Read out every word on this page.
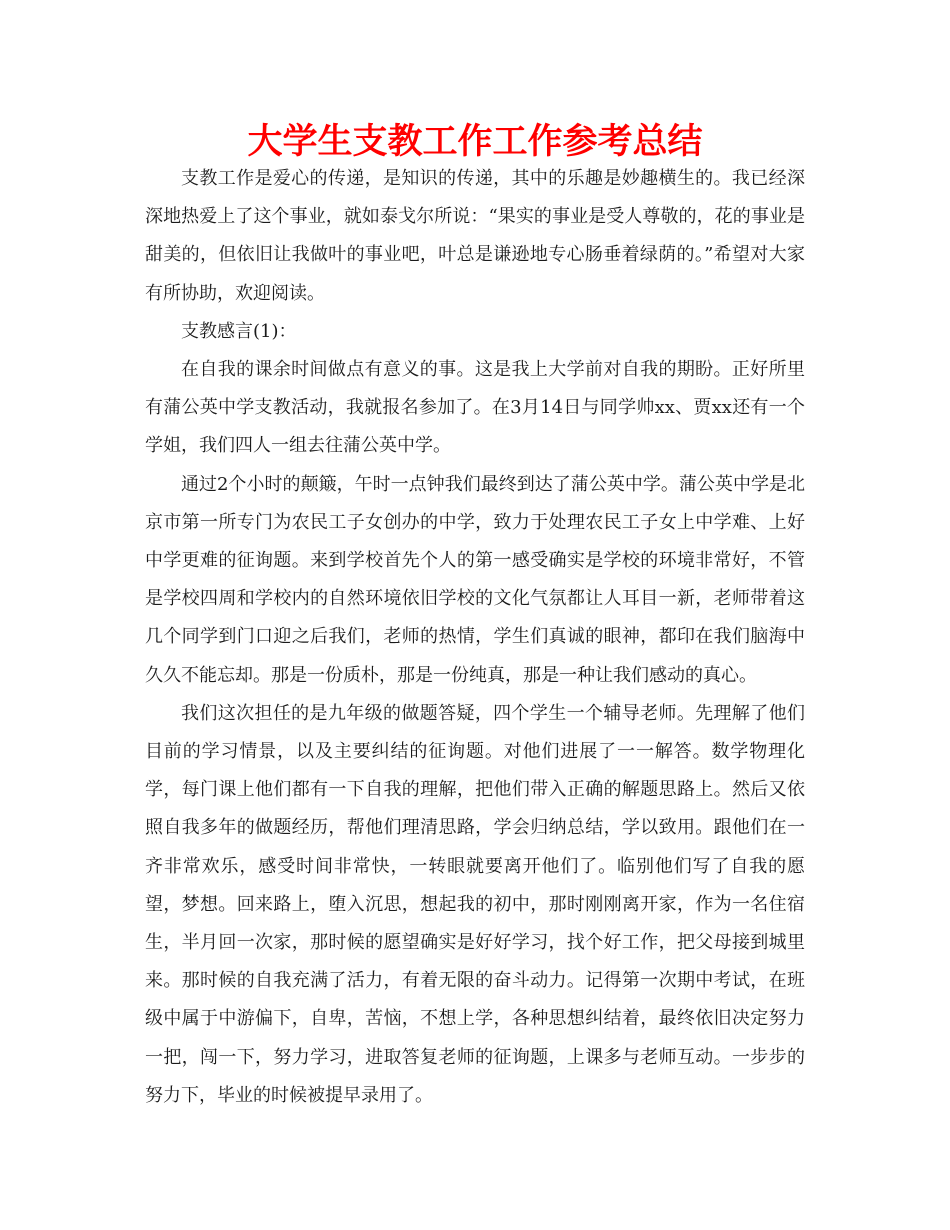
大学生支教工作工作参考总结

支教工作是爱心的传递，是知识的传递，其中的乐趣是妙趣横生的。我已经深深地热爱上了这个事业，就如泰戈尔所说：“果实的事业是受人尊敬的，花的事业是甜美的，但依旧让我做叶的事业吧，叶总是谦逊地专心肠垂着绿荫的。”希望对大家有所协助，欢迎阅读。

支教感言(1)：

在自我的课余时间做点有意义的事。这是我上大学前对自我的期盼。正好所里有蒲公英中学支教活动，我就报名参加了。在3月14日与同学帅xx、贾xx还有一个学姐，我们四人一组去往蒲公英中学。

通过2个小时的颠簸，午时一点钟我们最终到达了蒲公英中学。蒲公英中学是北京市第一所专门为农民工子女创办的中学，致力于处理农民工子女上中学难、上好中学更难的征询题。来到学校首先个人的第一感受确实是学校的环境非常好，不管是学校四周和学校内的自然环境依旧学校的文化气氛都让人耳目一新，老师带着这几个同学到门口迎之后我们，老师的热情，学生们真诚的眼神，都印在我们脑海中久久不能忘却。那是一份质朴，那是一份纯真，那是一种让我们感动的真心。

我们这次担任的是九年级的做题答疑，四个学生一个辅导老师。先理解了他们目前的学习情景，以及主要纠结的征询题。对他们进展了一一解答。数学物理化学，每门课上他们都有一下自我的理解，把他们带入正确的解题思路上。然后又依照自我多年的做题经历，帮他们理清思路，学会归纳总结，学以致用。跟他们在一齐非常欢乐，感受时间非常快，一转眼就要离开他们了。临别他们写了自我的愿望，梦想。回来路上，堕入沉思，想起我的初中，那时刚刚离开家，作为一名住宿生，半月回一次家，那时候的愿望确实是好好学习，找个好工作，把父母接到城里来。那时候的自我充满了活力，有着无限的奋斗动力。记得第一次期中考试，在班级中属于中游偏下，自卑，苦恼，不想上学，各种思想纠结着，最终依旧决定努力一把，闯一下，努力学习，进取答复老师的征询题，上课多与老师互动。一步步的努力下，毕业的时候被提早录用了。
